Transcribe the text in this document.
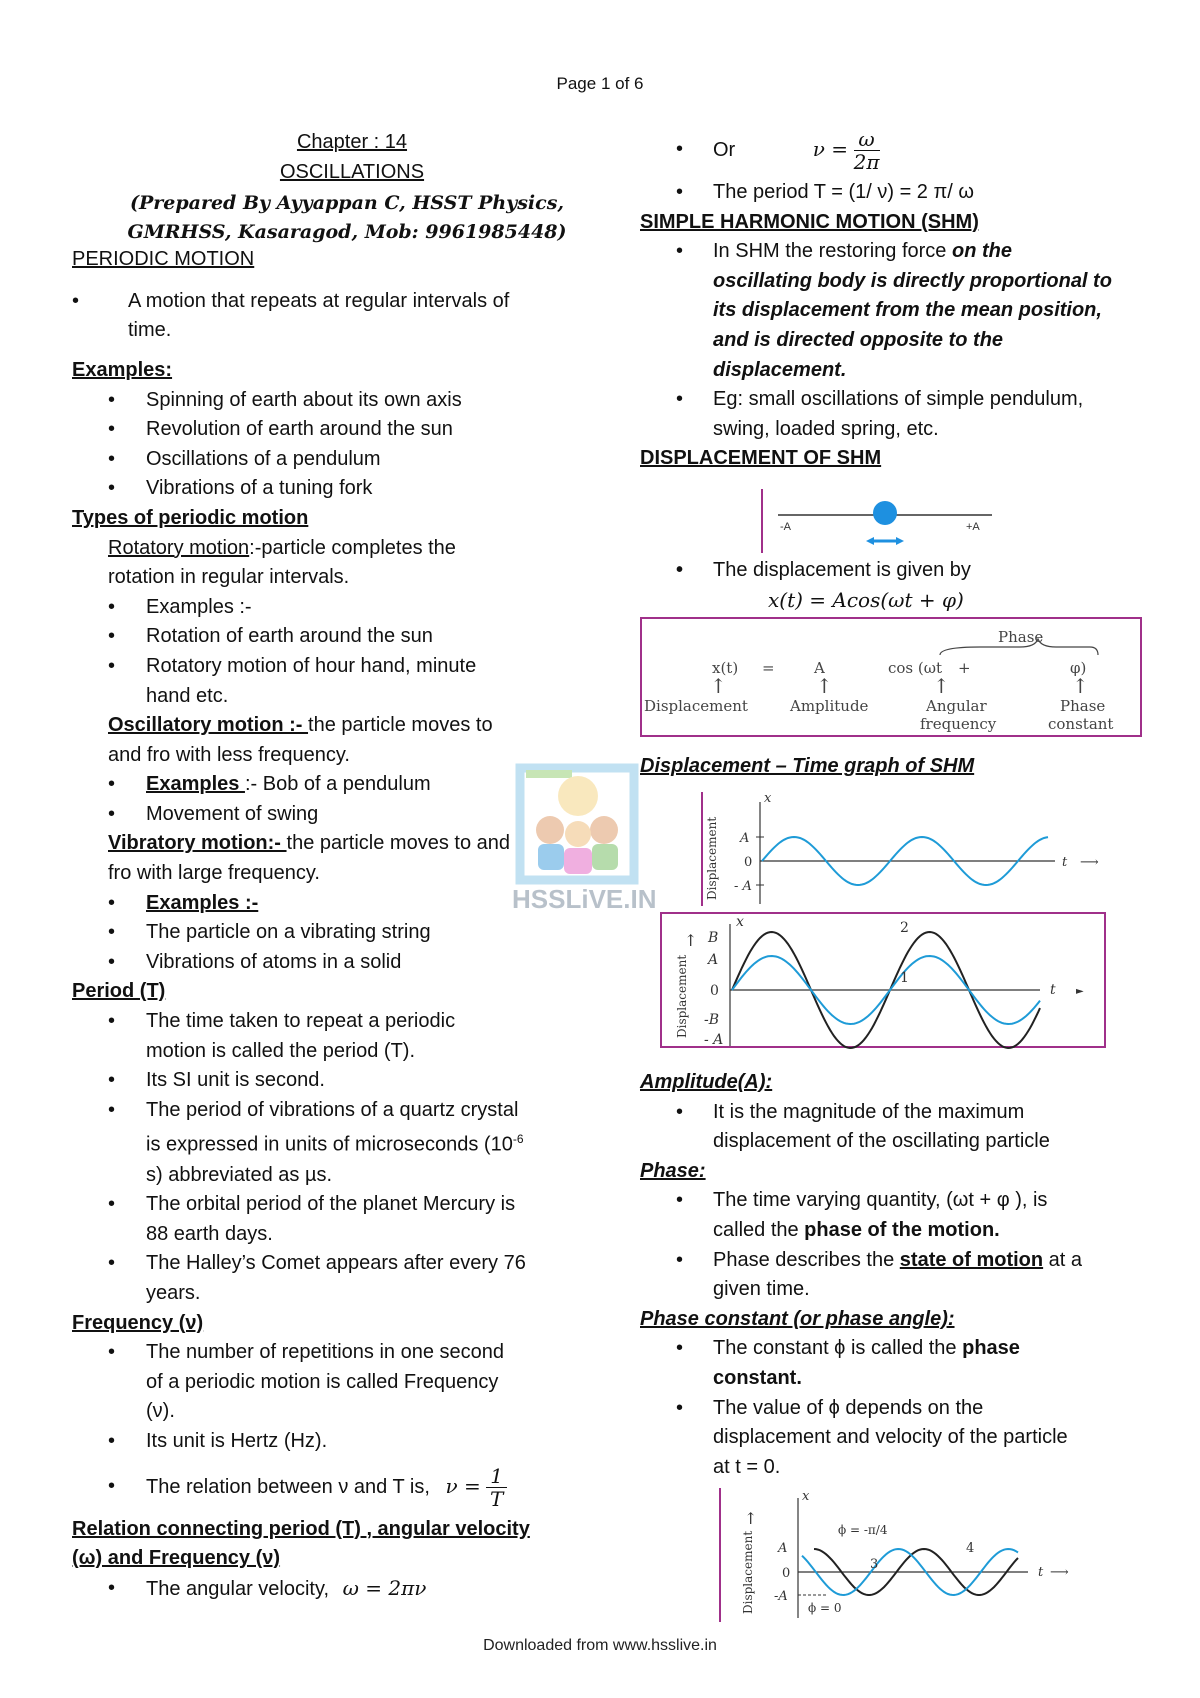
Page 1 of 6
Chapter : 14
OSCILLATIONS
(Prepared By Ayyappan C, HSST Physics,
GMRHSS, Kasaragod, Mob: 9961985448)
PERIODIC MOTION
• A motion that repeats at regular intervals of
time.
Examples:
• Spinning of earth about its own axis
• Revolution of earth around the sun
• Oscillations of a pendulum
• Vibrations of a tuning fork
Types of periodic motion
Rotatory motion:-particle completes the
rotation in regular intervals.
• Examples :-
• Rotation of earth around the sun
• Rotatory motion of hour hand, minute
hand etc.
Oscillatory motion :- the particle moves to
and fro with less frequency.
• Examples :- Bob of a pendulum
• Movement of swing
Vibratory motion:- the particle moves to and
fro with large frequency.
• Examples :-
• The particle on a vibrating string
• Vibrations of atoms in a solid
Period (T)
• The time taken to repeat a periodic
motion is called the period (T).
• Its SI unit is second.
• The period of vibrations of a quartz crystal
is expressed in units of microseconds ($10^{-6}$
s) abbreviated as µs.
• The orbital period of the planet Mercury is
88 earth days.
• The Halley’s Comet appears after every 76
years.
Frequency (ν)
• The number of repetitions in one second
of a periodic motion is called Frequency
(ν).
• Its unit is Hertz (Hz).
• The relation between ν and T is, $\nu = \frac{1}{T}$
Relation connecting period (T) , angular velocity
(ω) and Frequency (ν)
• The angular velocity, ω = 2πν
• Or	$\nu = \frac{\omega}{2\pi}$
• The period T = (1/ ν) = 2 π/ ω
SIMPLE HARMONIC MOTION (SHM)
• In SHM the restoring force on the
oscillating body is directly proportional to
its displacement from the mean position,
and is directed opposite to the
displacement.
• Eg: small oscillations of simple pendulum,
swing, loaded spring, etc.
DISPLACEMENT OF SHM
-A	+A
• The displacement is given by
x(t) = Acos(ωt + φ)
Phase
x(t) =	A	cos (ωt +	φ)
↑	↑	↑	↑
Displacement	Amplitude	Angular
frequency
Phase
constant
Displacement – Time graph of SHM
x
A
0
- A
t ⟶
Displacement
x
B
A
0
-B
- A
t ►
1
2
Displacement
↑
Amplitude(A):
• It is the magnitude of the maximum
displacement of the oscillating particle
Phase:
• The time varying quantity, (ωt + φ ), is
called the phase of the motion.
• Phase describes the state of motion at a
given time.
Phase constant (or phase angle):
• The constant ϕ is called the phase
constant.
• The value of ϕ depends on the
displacement and velocity of the particle
at t = 0.
x
A
0
-A
t ⟶
ϕ = -π/4
ϕ = 0
3
4
Displacement
↑
HSSLiVE.IN
Downloaded from www.hsslive.in
